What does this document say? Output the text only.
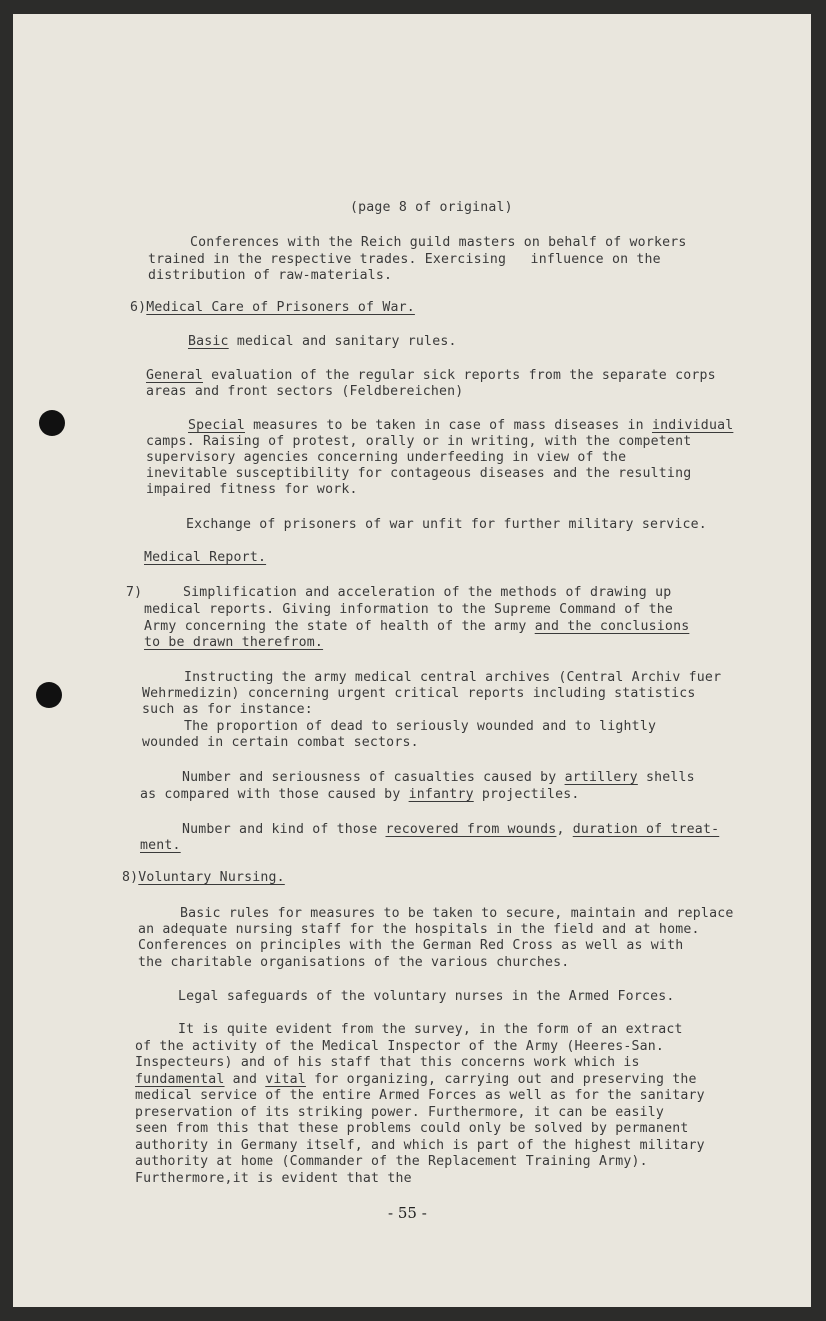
(page 8 of original)
Conferences with the Reich guild masters on behalf of workers
trained in the respective trades. Exercising   influence on the
distribution of raw-materials.
6)Medical Care of Prisoners of War.
Basic medical and sanitary rules.
General evaluation of the regular sick reports from the separate corps
areas and front sectors (Feldbereichen)
Special measures to be taken in case of mass diseases in individual
camps. Raising of protest, orally or in writing, with the competent
supervisory agencies concerning underfeeding in view of the
inevitable susceptibility for contageous diseases and the resulting
impaired fitness for work.
Exchange of prisoners of war unfit for further military service.
Medical Report.
7)     Simplification and acceleration of the methods of drawing up
medical reports. Giving information to the Supreme Command of the
Army concerning the state of health of the army and the conclusions
to be drawn therefrom.
Instructing the army medical central archives (Central Archiv fuer
Wehrmedizin) concerning urgent critical reports including statistics
such as for instance:
The proportion of dead to seriously wounded and to lightly
wounded in certain combat sectors.
Number and seriousness of casualties caused by artillery shells
as compared with those caused by infantry projectiles.
Number and kind of those recovered from wounds, duration of treat-
ment.
8)Voluntary Nursing.
Basic rules for measures to be taken to secure, maintain and replace
an adequate nursing staff for the hospitals in the field and at home.
Conferences on principles with the German Red Cross as well as with
the charitable organisations of the various churches.
Legal safeguards of the voluntary nurses in the Armed Forces.
It is quite evident from the survey, in the form of an extract
of the activity of the Medical Inspector of the Army (Heeres-San.
Inspecteurs) and of his staff that this concerns work which is
fundamental and vital for organizing, carrying out and preserving the
medical service of the entire Armed Forces as well as for the sanitary
preservation of its striking power. Furthermore, it can be easily
seen from this that these problems could only be solved by permanent
authority in Germany itself, and which is part of the highest military
authority at home (Commander of the Replacement Training Army).
Furthermore,it is evident that the
- 55 -
